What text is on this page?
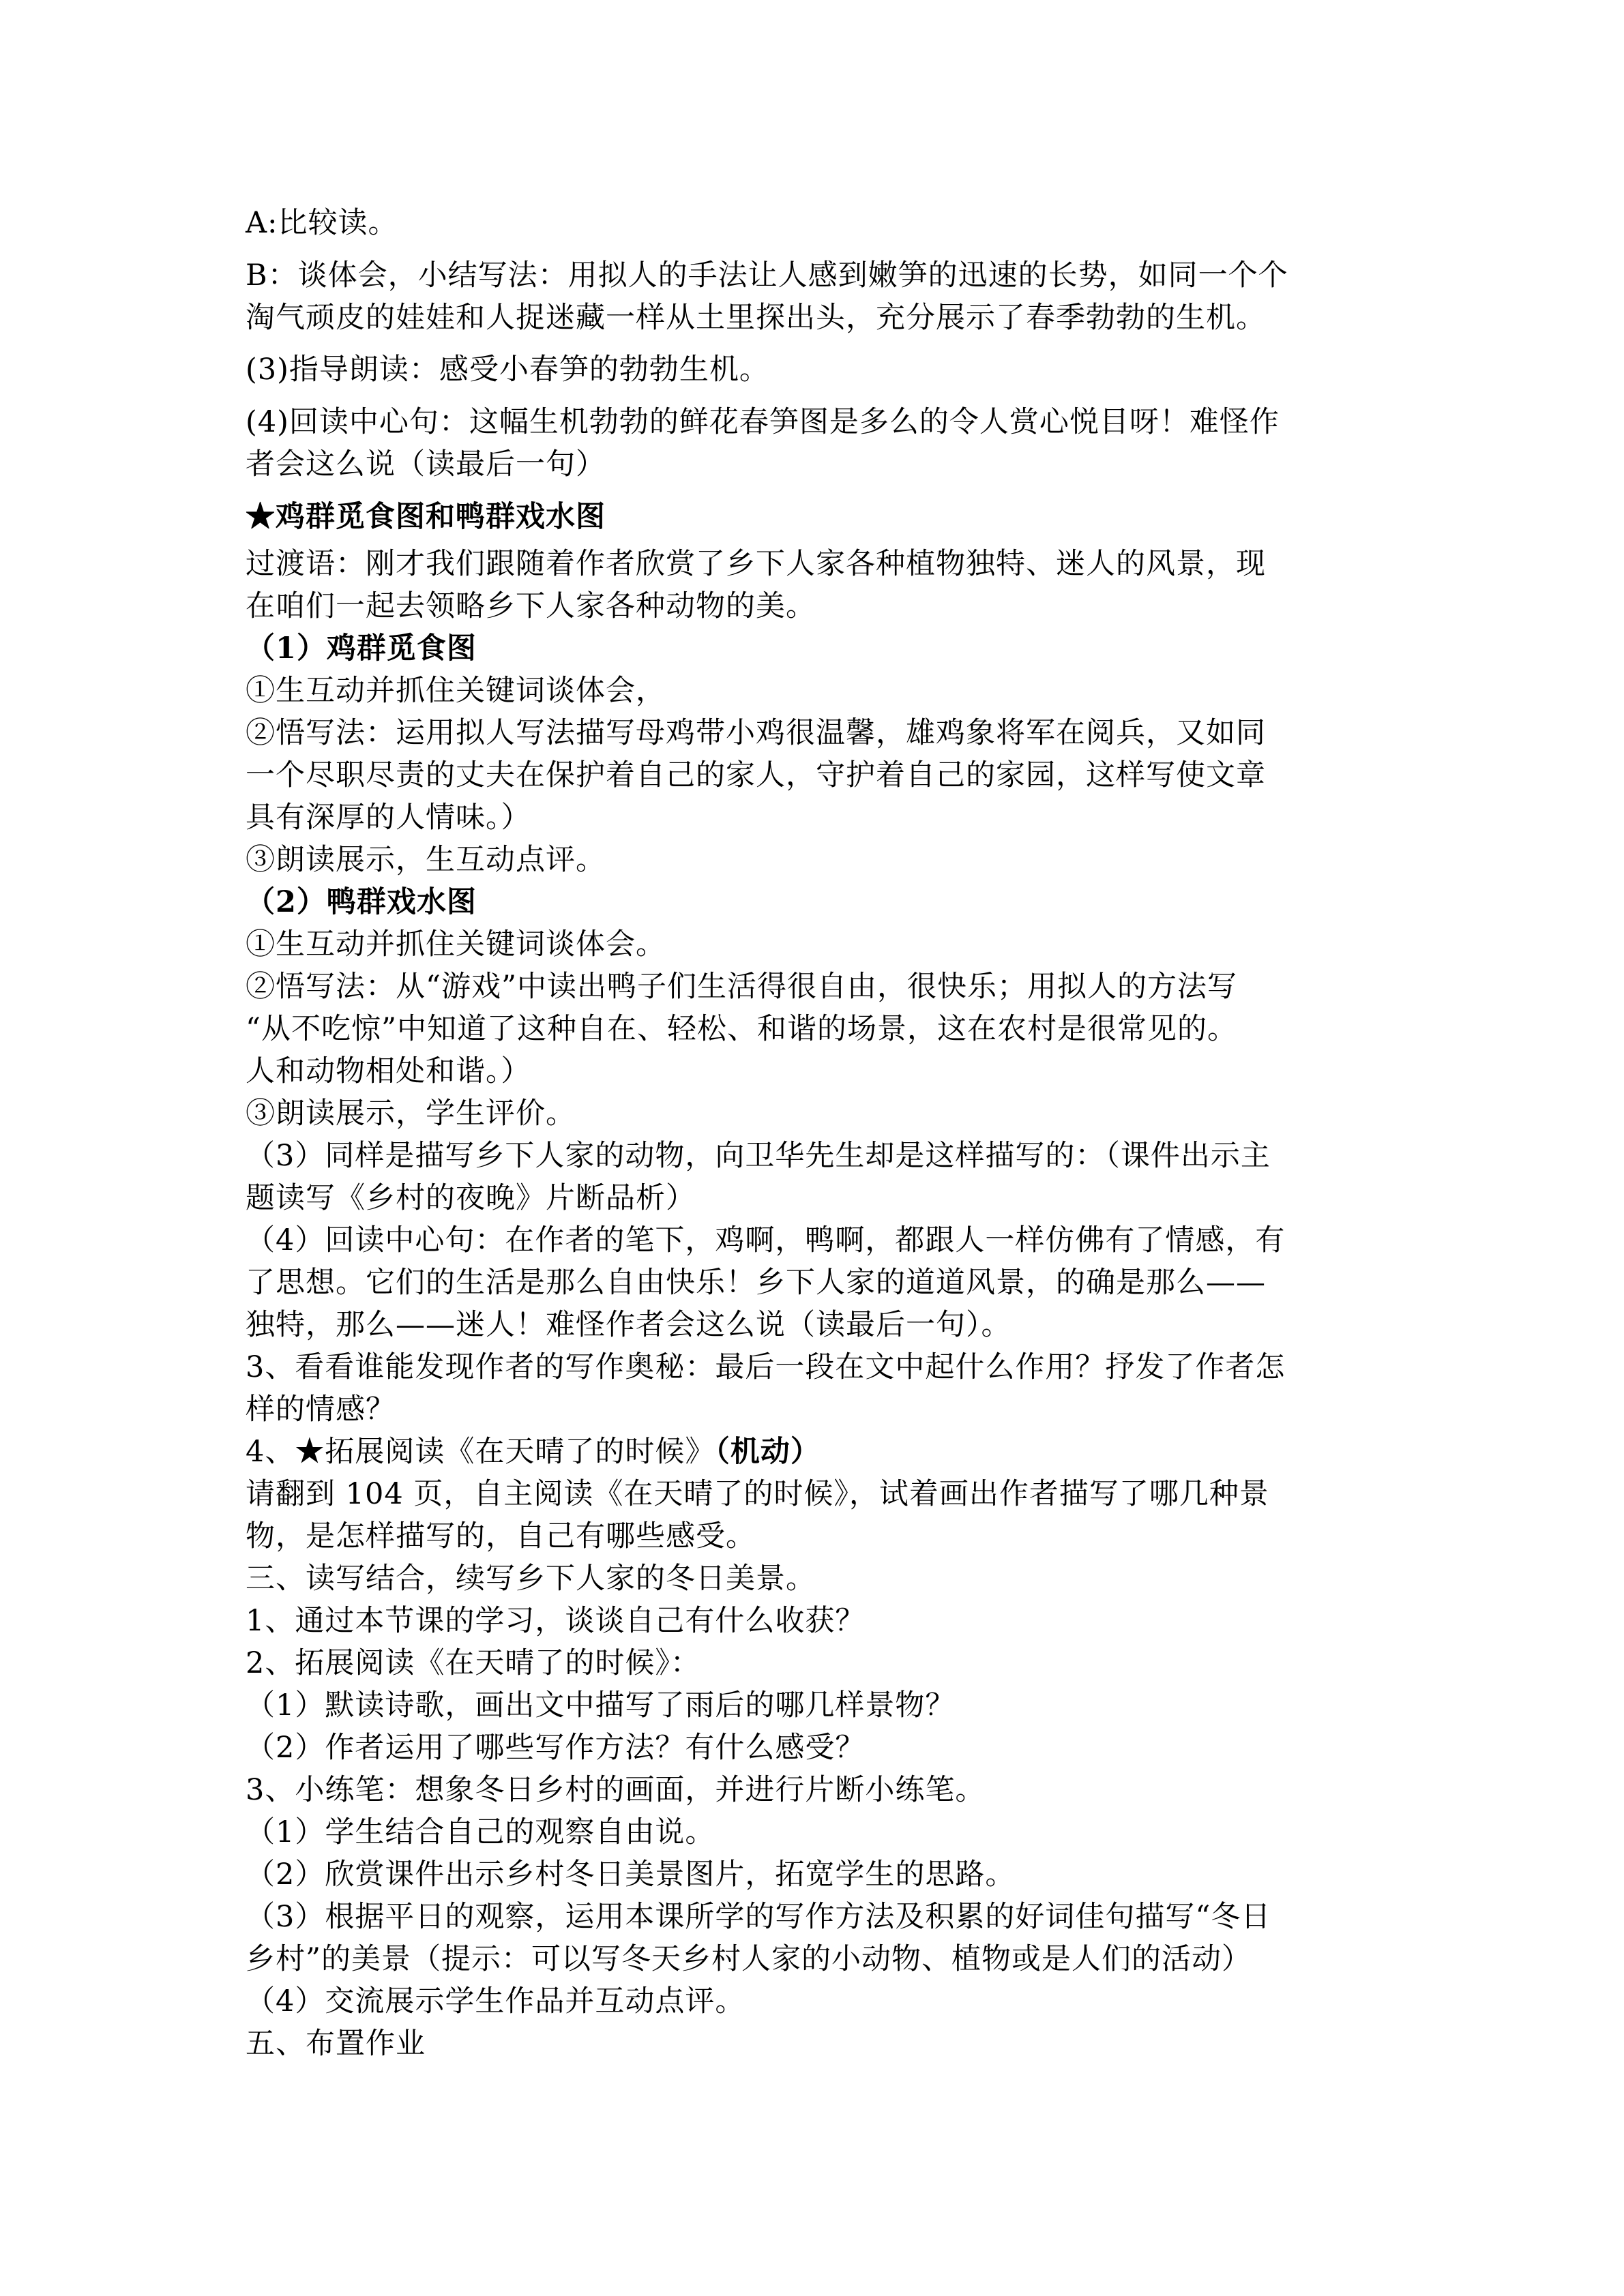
A:比较读。
B：谈体会，小结写法：用拟人的手法让人感到嫩笋的迅速的长势，如同一个个
淘气顽皮的娃娃和人捉迷藏一样从土里探出头，充分展示了春季勃勃的生机。
(3)指导朗读：感受小春笋的勃勃生机。
(4)回读中心句：这幅生机勃勃的鲜花春笋图是多么的令人赏心悦目呀！难怪作
者会这么说（读最后一句）
★鸡群觅食图和鸭群戏水图
过渡语：刚才我们跟随着作者欣赏了乡下人家各种植物独特、迷人的风景，现
在咱们一起去领略乡下人家各种动物的美。
（1）鸡群觅食图
①生互动并抓住关键词谈体会，
②悟写法：运用拟人写法描写母鸡带小鸡很温馨，雄鸡象将军在阅兵，又如同
一个尽职尽责的丈夫在保护着自己的家人，守护着自己的家园，这样写使文章
具有深厚的人情味。）
③朗读展示，生互动点评。
（2）鸭群戏水图
①生互动并抓住关键词谈体会。
②悟写法：从“游戏”中读出鸭子们生活得很自由，很快乐；用拟人的方法写
“从不吃惊”中知道了这种自在、轻松、和谐的场景，这在农村是很常见的。
人和动物相处和谐。）
③朗读展示，学生评价。
（3）同样是描写乡下人家的动物，向卫华先生却是这样描写的：（课件出示主
题读写《乡村的夜晚》片断品析）
（4）回读中心句：在作者的笔下，鸡啊，鸭啊，都跟人一样仿佛有了情感，有
了思想。它们的生活是那么自由快乐！乡下人家的道道风景，的确是那么——
独特，那么——迷人！难怪作者会这么说（读最后一句）。
3、看看谁能发现作者的写作奥秘：最后一段在文中起什么作用？抒发了作者怎
样的情感？
4、★拓展阅读《在天晴了的时候》（机动）
请翻到 104 页，自主阅读《在天晴了的时候》，试着画出作者描写了哪几种景
物，是怎样描写的，自己有哪些感受。
三、读写结合，续写乡下人家的冬日美景。
1、通过本节课的学习，谈谈自己有什么收获？
2、拓展阅读《在天晴了的时候》：
（1）默读诗歌，画出文中描写了雨后的哪几样景物？
（2）作者运用了哪些写作方法？有什么感受？
3、小练笔：想象冬日乡村的画面，并进行片断小练笔。
（1）学生结合自己的观察自由说。
（2）欣赏课件出示乡村冬日美景图片，拓宽学生的思路。
（3）根据平日的观察，运用本课所学的写作方法及积累的好词佳句描写“冬日
乡村”的美景（提示：可以写冬天乡村人家的小动物、植物或是人们的活动）
（4）交流展示学生作品并互动点评。
五、布置作业
